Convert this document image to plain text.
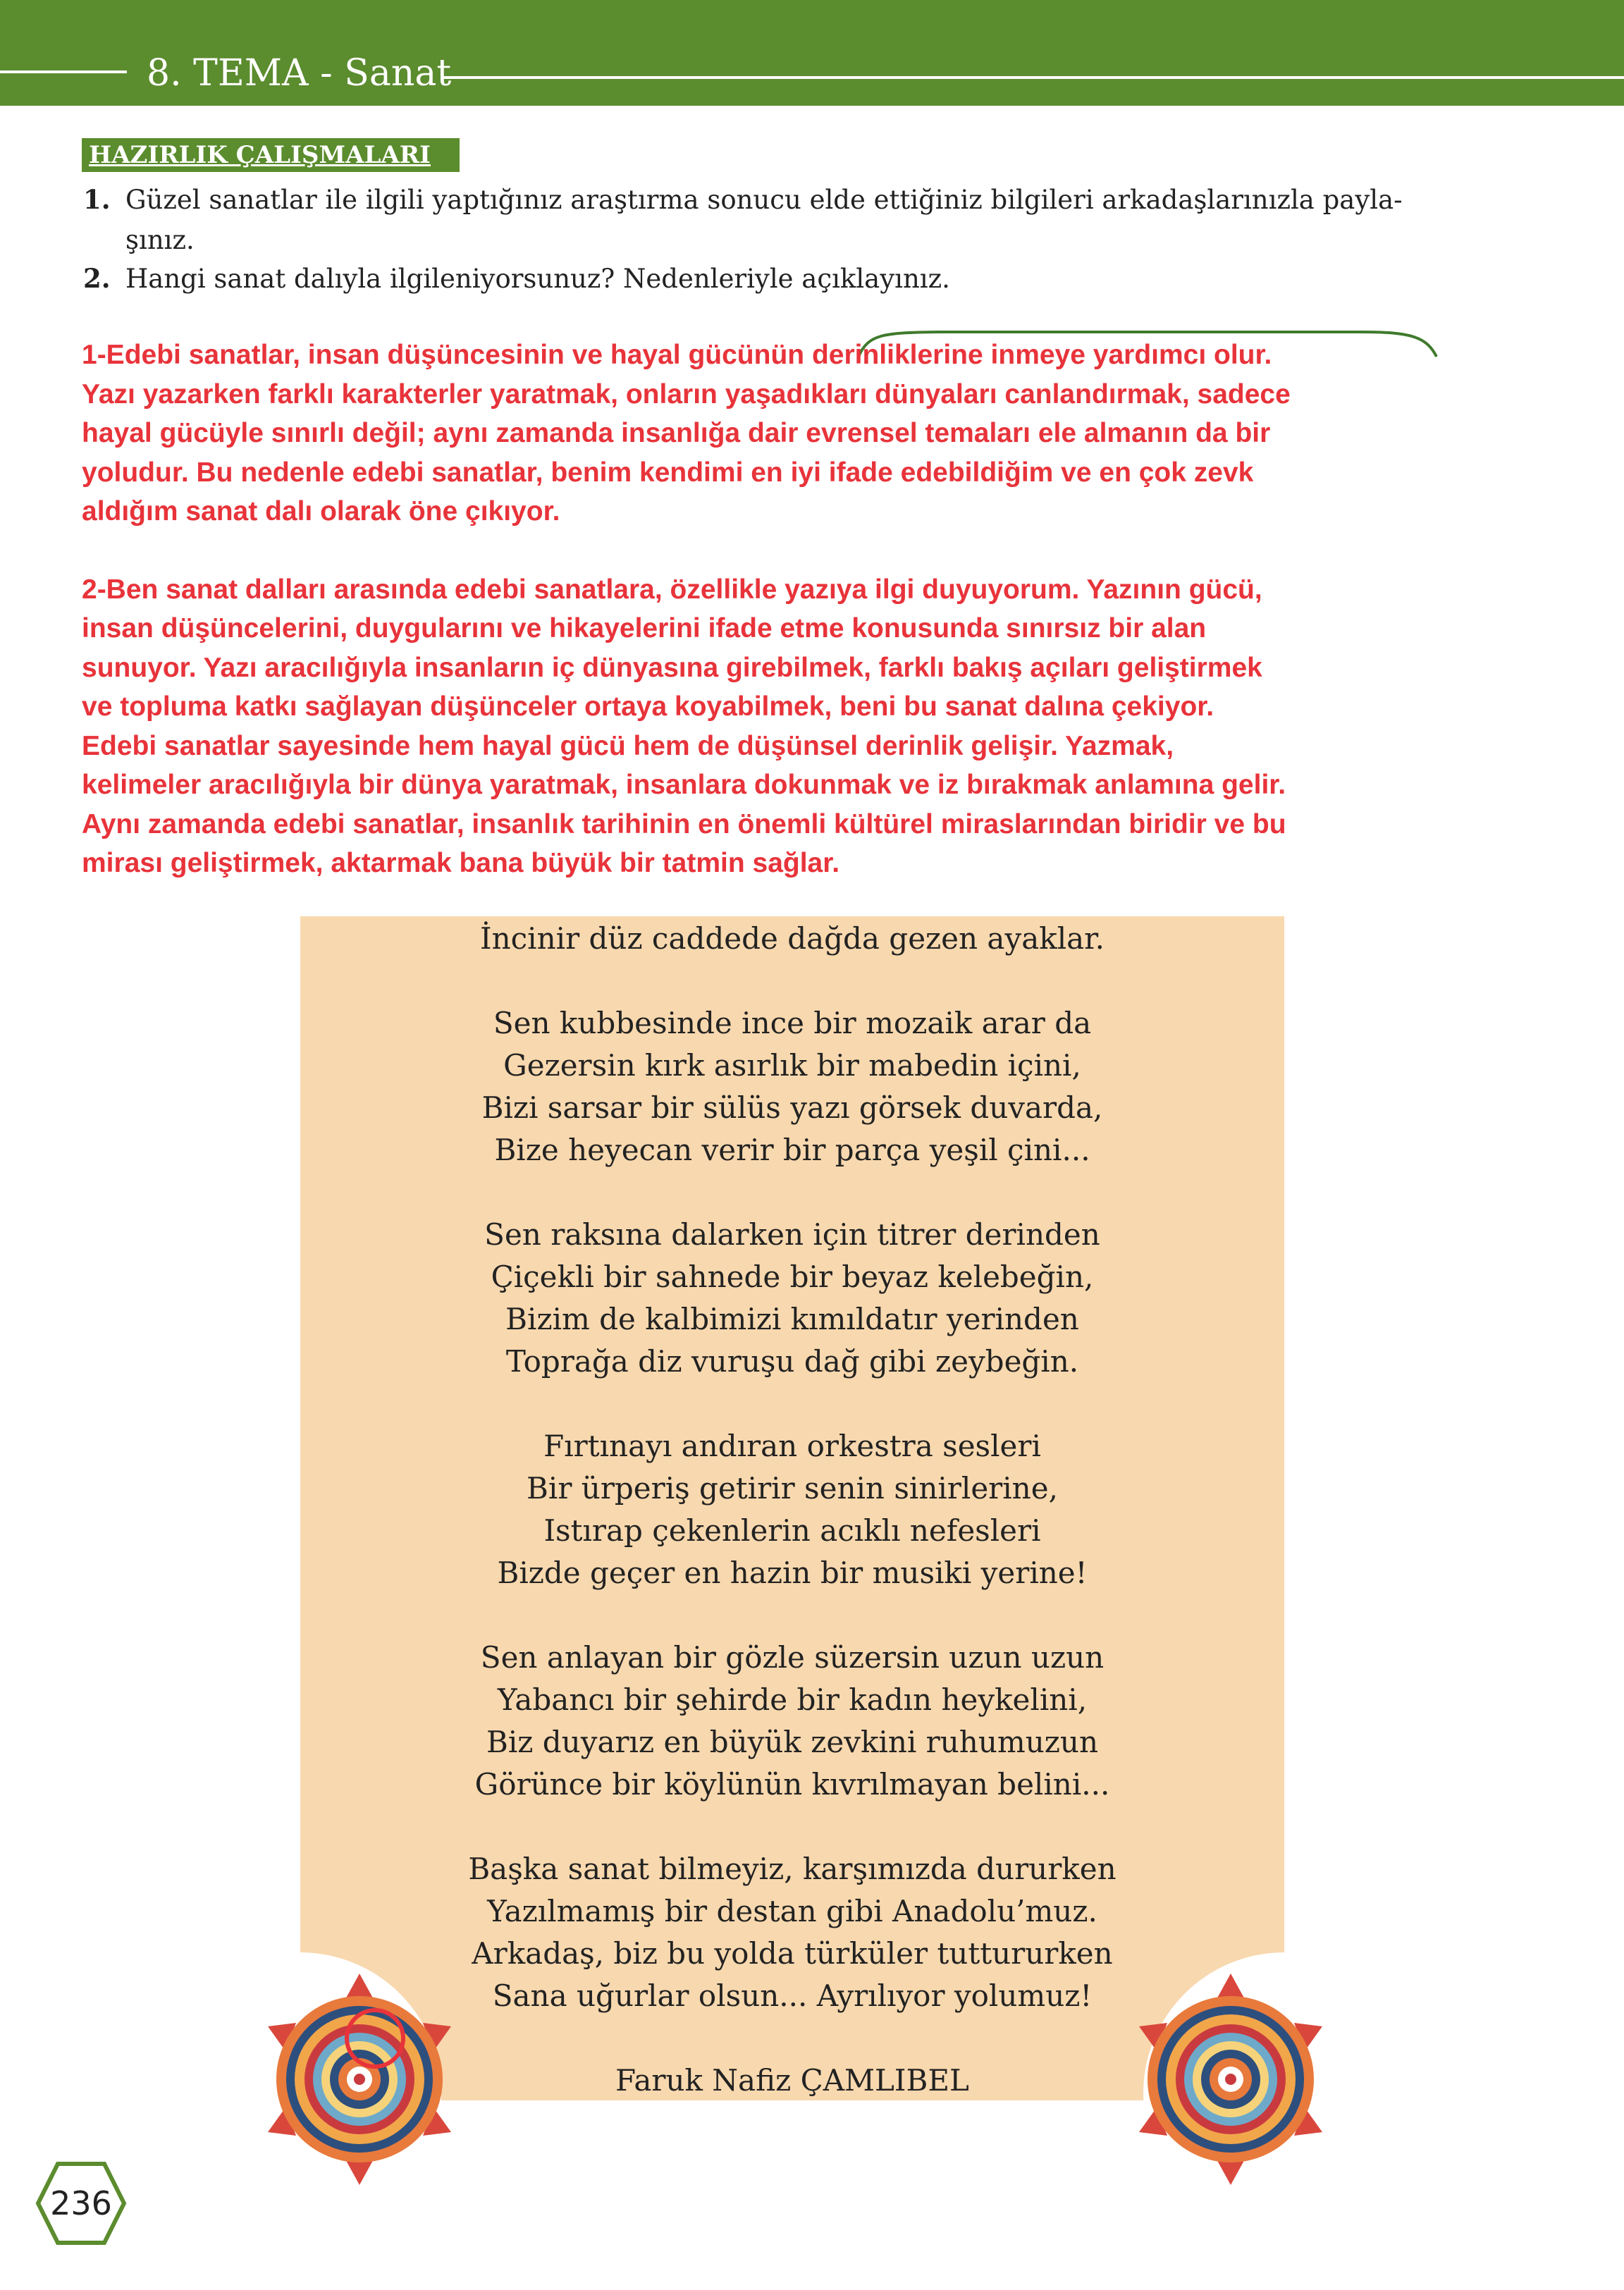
8. TEMA - Sanat
HAZIRLIK ÇALIŞMALARI
1. Güzel sanatlar ile ilgili yaptığınız araştırma sonucu elde ettiğiniz bilgileri arkadaşlarınızla payla-
şınız.
2. Hangi sanat dalıyla ilgileniyorsunuz? Nedenleriyle açıklayınız.

1-Edebi sanatlar, insan düşüncesinin ve hayal gücünün derinliklerine inmeye yardımcı olur.

Yazı yazarken farklı karakterler yaratmak, onların yaşadıkları dünyaları canlandırmak, sadece

hayal gücüyle sınırlı değil; aynı zamanda insanlığa dair evrensel temaları ele almanın da bir

yoludur. Bu nedenle edebi sanatlar, benim kendimi en iyi ifade edebildiğim ve en çok zevk

aldığım sanat dalı olarak öne çıkıyor.

2-Ben sanat dalları arasında edebi sanatlara, özellikle yazıya ilgi duyuyorum. Yazının gücü,

insan düşüncelerini, duygularını ve hikayelerini ifade etme konusunda sınırsız bir alan

sunuyor. Yazı aracılığıyla insanların iç dünyasına girebilmek, farklı bakış açıları geliştirmek

ve topluma katkı sağlayan düşünceler ortaya koyabilmek, beni bu sanat dalına çekiyor.

Edebi sanatlar sayesinde hem hayal gücü hem de düşünsel derinlik gelişir. Yazmak,

kelimeler aracılığıyla bir dünya yaratmak, insanlara dokunmak ve iz bırakmak anlamına gelir.

Aynı zamanda edebi sanatlar, insanlık tarihinin en önemli kültürel miraslarından biridir ve bu

mirası geliştirmek, aktarmak bana büyük bir tatmin sağlar.

İncinir düz caddede dağda gezen ayaklar.
Sen kubbesinde ince bir mozaik arar da
Gezersin kırk asırlık bir mabedin içini,
Bizi sarsar bir sülüs yazı görsek duvarda,
Bize heyecan verir bir parça yeşil çini...
Sen raksına dalarken için titrer derinden
Çiçekli bir sahnede bir beyaz kelebeğin,
Bizim de kalbimizi kımıldatır yerinden
Toprağa diz vuruşu dağ gibi zeybeğin.
Fırtınayı andıran orkestra sesleri
Bir ürperiş getirir senin sinirlerine,
Istırap çekenlerin acıklı nefesleri
Bizde geçer en hazin bir musiki yerine!
Sen anlayan bir gözle süzersin uzun uzun
Yabancı bir şehirde bir kadın heykelini,
Biz duyarız en büyük zevkini ruhumuzun
Görünce bir köylünün kıvrılmayan belini...
Başka sanat bilmeyiz, karşımızda dururken
Yazılmamış bir destan gibi Anadolu’muz.
Arkadaş, biz bu yolda türküler tuttururken
Sana uğurlar olsun... Ayrılıyor yolumuz!
Faruk Nafiz ÇAMLIBEL
236
